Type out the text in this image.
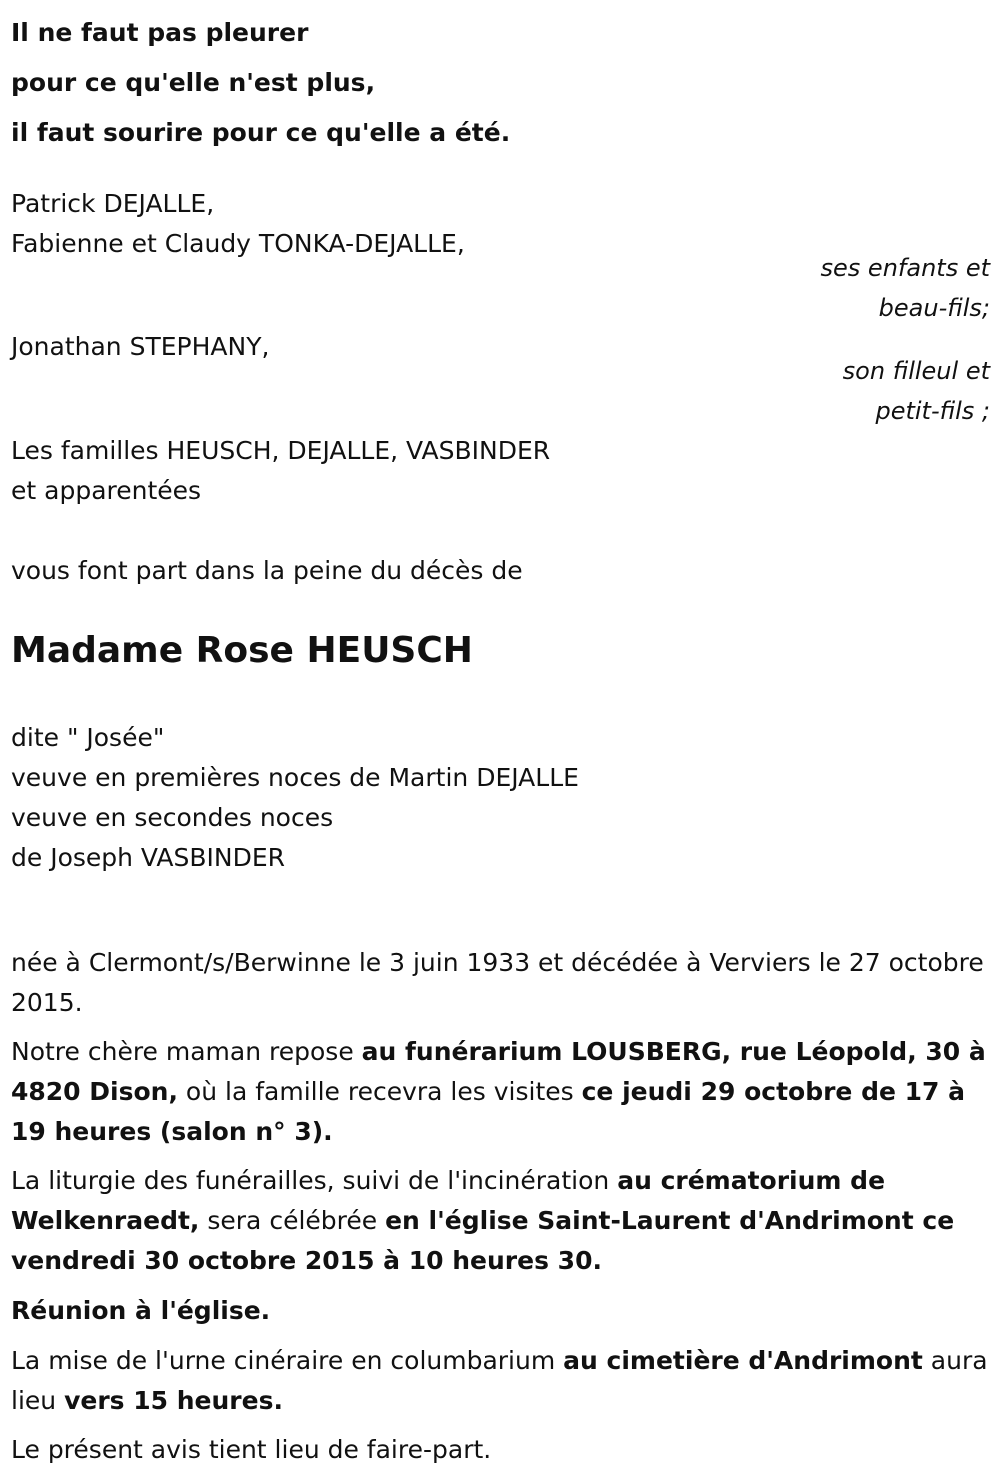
Il ne faut pas pleurer

pour ce qu'elle n'est plus,

il faut sourire pour ce qu'elle a été.

Patrick DEJALLE,

Fabienne et Claudy TONKA-DEJALLE,

ses enfants et

beau-fils;

Jonathan STEPHANY,

son filleul et

petit-fils ;

Les familles HEUSCH, DEJALLE, VASBINDER

et apparentées

vous font part dans la peine du décès de

Madame Rose HEUSCH

dite " Josée"

veuve en premières noces de Martin DEJALLE

veuve en secondes noces

de Joseph VASBINDER

née à Clermont/s/Berwinne le 3 juin 1933 et décédée à Verviers le 27 octobre 2015.

Notre chère maman repose au funérarium LOUSBERG, rue Léopold, 30 à 4820 Dison, où la famille recevra les visites ce jeudi 29 octobre de 17 à 19 heures (salon n° 3).

La liturgie des funérailles, suivi de l'incinération au crématorium de Welkenraedt, sera célébrée en l'église Saint-Laurent d'Andrimont ce vendredi 30 octobre 2015 à 10 heures 30.

Réunion à l'église.

La mise de l'urne cinéraire en columbarium au cimetière d'Andrimont aura lieu vers 15 heures.

Le présent avis tient lieu de faire-part.
